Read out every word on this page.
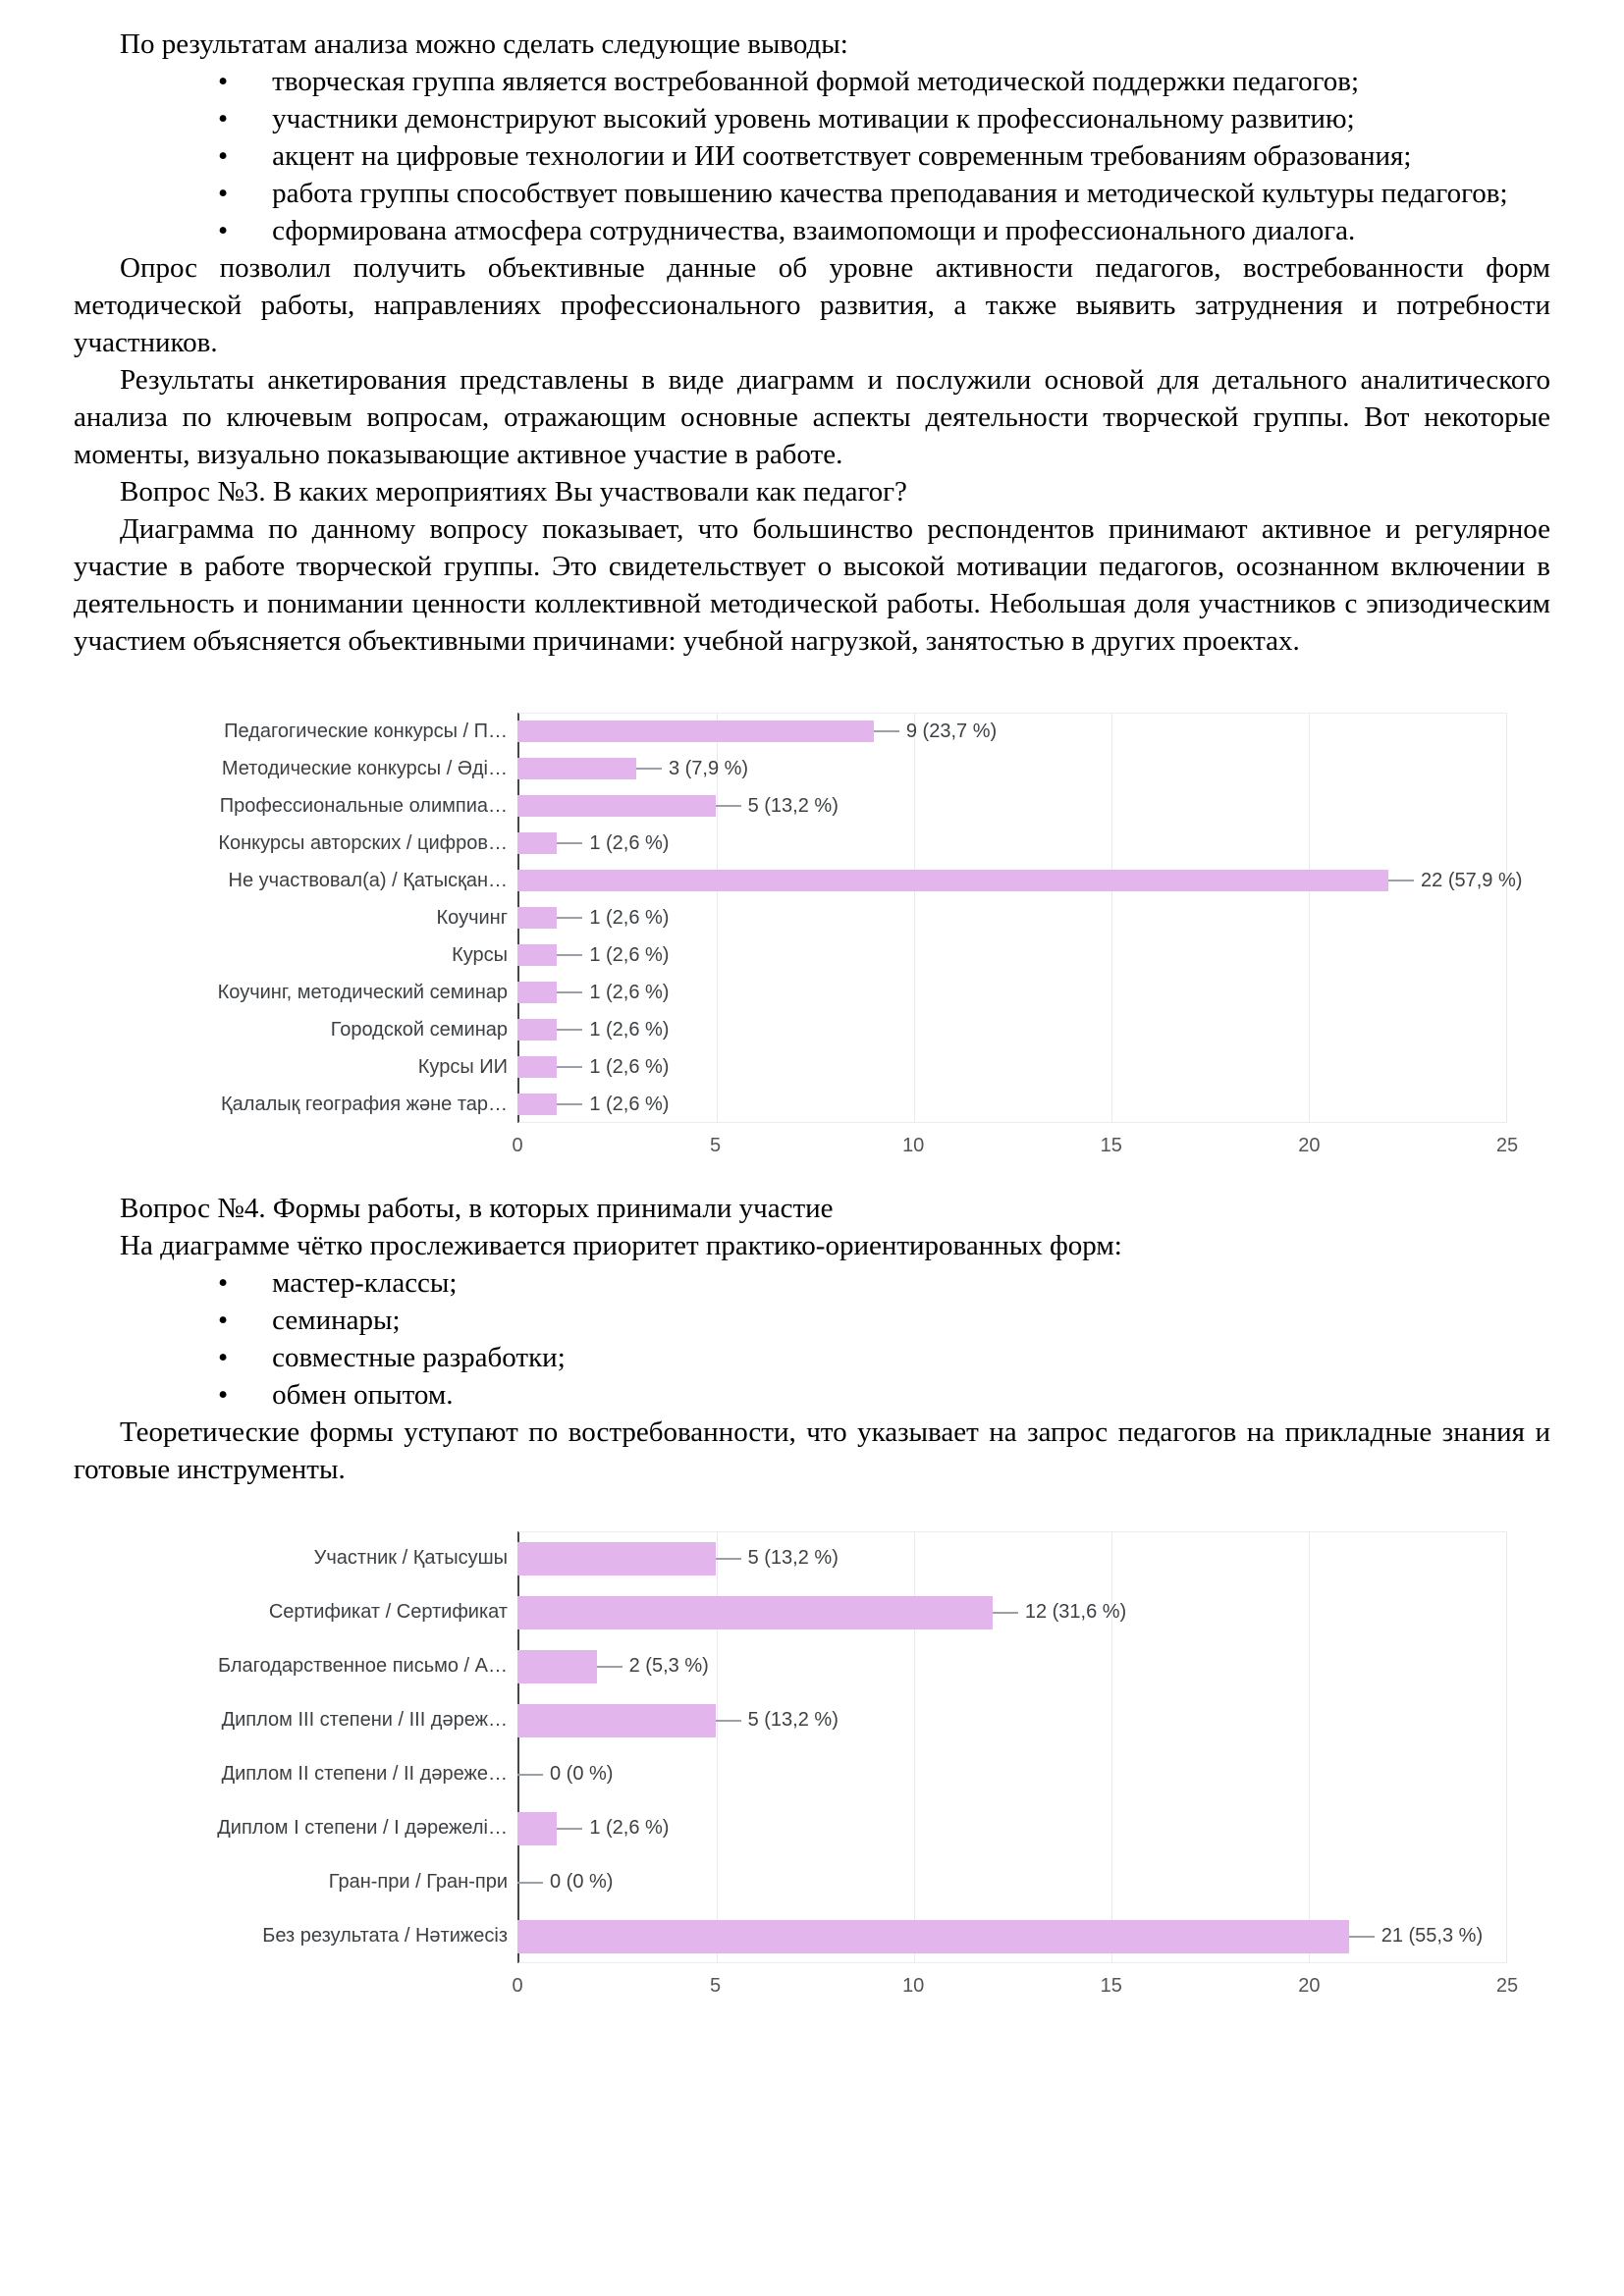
По результатам анализа можно сделать следующие выводы:

• творческая группа является востребованной формой методической поддержки педагогов;
• участники демонстрируют высокий уровень мотивации к профессиональному развитию;
• акцент на цифровые технологии и ИИ соответствует современным требованиям образования;
• работа группы способствует повышению качества преподавания и методической культуры педагогов;
• сформирована атмосфера сотрудничества, взаимопомощи и профессионального диалога.

Опрос позволил получить объективные данные об уровне активности педагогов, востребованности форм методической работы, направлениях профессионального развития, а также выявить затруднения и потребности участников.

Результаты анкетирования представлены в виде диаграмм и послужили основой для детального аналитического анализа по ключевым вопросам, отражающим основные аспекты деятельности творческой группы. Вот некоторые моменты, визуально показывающие активное участие в работе.

Вопрос №3. В каких мероприятиях Вы участвовали как педагог?

Диаграмма по данному вопросу показывает, что большинство респондентов принимают активное и регулярное участие в работе творческой группы. Это свидетельствует о высокой мотивации педагогов, осознанном включении в деятельность и понимании ценности коллективной методической работы. Небольшая доля участников с эпизодическим участием объясняется объективными причинами: учебной нагрузкой, занятостью в других проектах.

Педагогические конкурсы / П…	9 (23,7 %)
Методические конкурсы / Әді…	3 (7,9 %)
Профессиональные олимпиа…	5 (13,2 %)
Конкурсы авторских / цифров…	1 (2,6 %)
Не участвовал(а) / Қатысқан…	22 (57,9 %)
Коучинг	1 (2,6 %)
Курсы	1 (2,6 %)
Коучинг, методический семинар	1 (2,6 %)
Городской семинар	1 (2,6 %)
Курсы ИИ	1 (2,6 %)
Қалалық география және тар…	1 (2,6 %)
0	5	10	15	20	25

Вопрос №4. Формы работы, в которых принимали участие

На диаграмме чётко прослеживается приоритет практико-ориентированных форм:

• мастер-классы;
• семинары;
• совместные разработки;
• обмен опытом.

Теоретические формы уступают по востребованности, что указывает на запрос педагогов на прикладные знания и готовые инструменты.

Участник / Қатысушы	5 (13,2 %)
Сертификат / Сертификат	12 (31,6 %)
Благодарственное письмо / А…	2 (5,3 %)
Диплом III степени / III дәреж…	5 (13,2 %)
Диплом II степени / II дәреже…	0 (0 %)
Диплом I степени / I дәрежелі…	1 (2,6 %)
Гран-при / Гран-при	0 (0 %)
Без результата / Нәтижесіз	21 (55,3 %)
0	5	10	15	20	25
